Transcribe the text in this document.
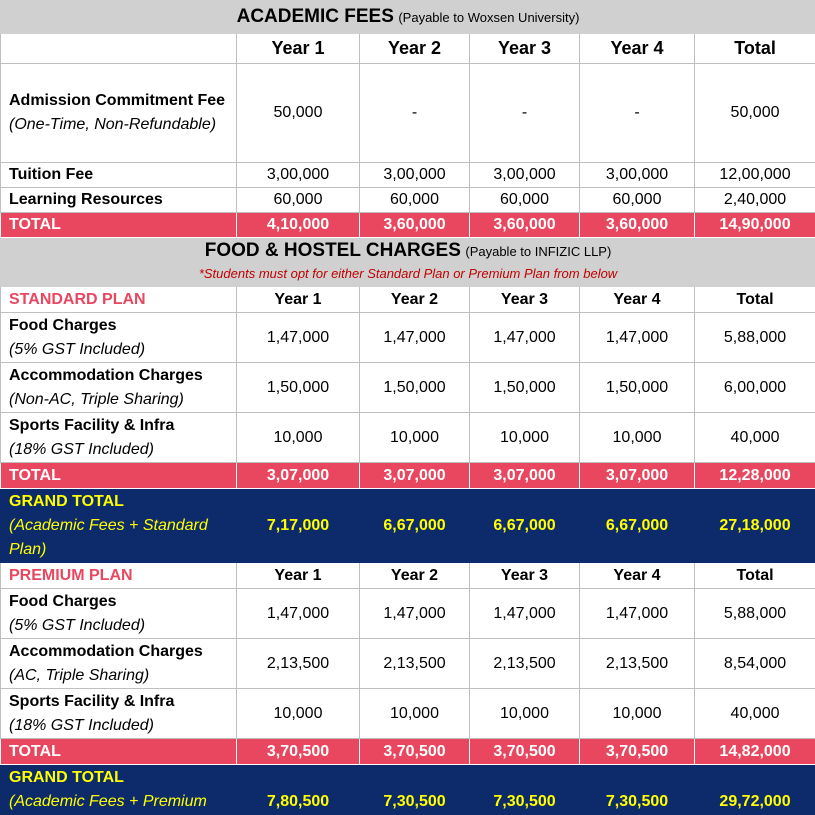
ACADEMIC FEES (Payable to Woxsen University)					
	Year 1	Year 2	Year 3	Year 4	Total

Admission Commitment Fee
(One-Time, Non-Refundable)	50,000	-	-	-	50,000
Tuition Fee	3,00,000	3,00,000	3,00,000	3,00,000	12,00,000
Learning Resources	60,000	60,000	60,000	60,000	2,40,000
TOTAL	4,10,000	3,60,000	3,60,000	3,60,000	14,90,000

FOOD & HOSTEL CHARGES (Payable to INFIZIC LLP)
*Students must opt for either Standard Plan or Premium Plan from below					

STANDARD PLAN	Year 1	Year 2	Year 3	Year 4	Total

Food Charges
(5% GST Included)	1,47,000	1,47,000	1,47,000	1,47,000	5,88,000

Accommodation Charges
(Non-AC, Triple Sharing)	1,50,000	1,50,000	1,50,000	1,50,000	6,00,000

Sports Facility & Infra
(18% GST Included)	10,000	10,000	10,000	10,000	40,000
TOTAL	3,07,000	3,07,000	3,07,000	3,07,000	12,28,000

GRAND TOTAL
(Academic Fees + Standard Plan)	7,17,000	6,67,000	6,67,000	6,67,000	27,18,000
PREMIUM PLAN	Year 1	Year 2	Year 3	Year 4	Total

Food Charges
(5% GST Included)	1,47,000	1,47,000	1,47,000	1,47,000	5,88,000

Accommodation Charges
(AC, Triple Sharing)	2,13,500	2,13,500	2,13,500	2,13,500	8,54,000

Sports Facility & Infra
(18% GST Included)	10,000	10,000	10,000	10,000	40,000
TOTAL	3,70,500	3,70,500	3,70,500	3,70,500	14,82,000

GRAND TOTAL
(Academic Fees + Premium	7,80,500	7,30,500	7,30,500	7,30,500	29,72,000
